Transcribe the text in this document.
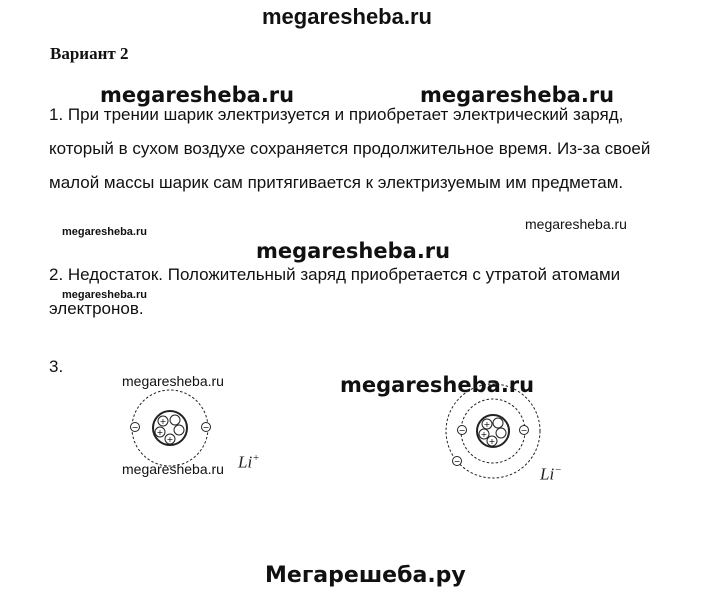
megaresheba.ru
Вариант 2
megaresheba.ru	megaresheba.ru
1. При трении шарик электризуется и приобретает электрический заряд, который в сухом воздухе сохраняется продолжительное время. Из-за своей малой массы шарик сам притягивается к электризуемым им предметам.
megaresheba.ru
megaresheba.ru
megaresheba.ru
2. Недостаток. Положительный заряд приобретается с утратой атомами электронов.
megaresheba.ru
3.
megaresheba.ru	megaresheba.ru
+
+
+
−	−
Li+
megaresheba.ru
+
+
+
−	−
−
Li−
Мегарешеба.ру
